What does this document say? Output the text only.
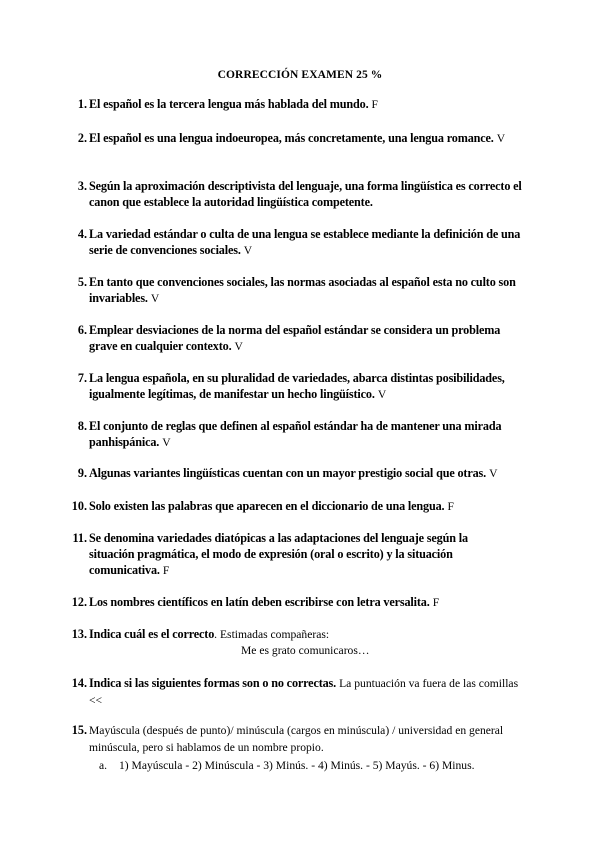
CORRECCIÓN EXAMEN 25 %
1. El español es la tercera lengua más hablada del mundo. F
2. El español es una lengua indoeuropea, más concretamente, una lengua romance. V
3. Según la aproximación descriptivista del lenguaje, una forma lingüística es correcto el canon que establece la autoridad lingüística competente.
4. La variedad estándar o culta de una lengua se establece mediante la definición de una serie de convenciones sociales. V
5. En tanto que convenciones sociales, las normas asociadas al español esta no culto son invariables. V
6. Emplear desviaciones de la norma del español estándar se considera un problema grave en cualquier contexto. V
7. La lengua española, en su pluralidad de variedades, abarca distintas posibilidades, igualmente legítimas, de manifestar un hecho lingüístico. V
8. El conjunto de reglas que definen al español estándar ha de mantener una mirada panhispánica. V
9. Algunas variantes lingüísticas cuentan con un mayor prestigio social que otras. V
10. Solo existen las palabras que aparecen en el diccionario de una lengua. F
11. Se denomina variedades diatópicas a las adaptaciones del lenguaje según la situación pragmática, el modo de expresión (oral o escrito) y la situación comunicativa. F
12. Los nombres científicos en latín deben escribirse con letra versalita. F
13. Indica cuál es el correcto. Estimadas compañeras:
Me es grato comunicaros…
14. Indica si las siguientes formas son o no correctas. La puntuación va fuera de las comillas <<
15. Mayúscula (después de punto)/ minúscula (cargos en minúscula) / universidad en general minúscula, pero si hablamos de un nombre propio.
a. 1) Mayúscula - 2) Minúscula - 3) Minús. - 4) Minús. - 5) Mayús. - 6) Minus.
